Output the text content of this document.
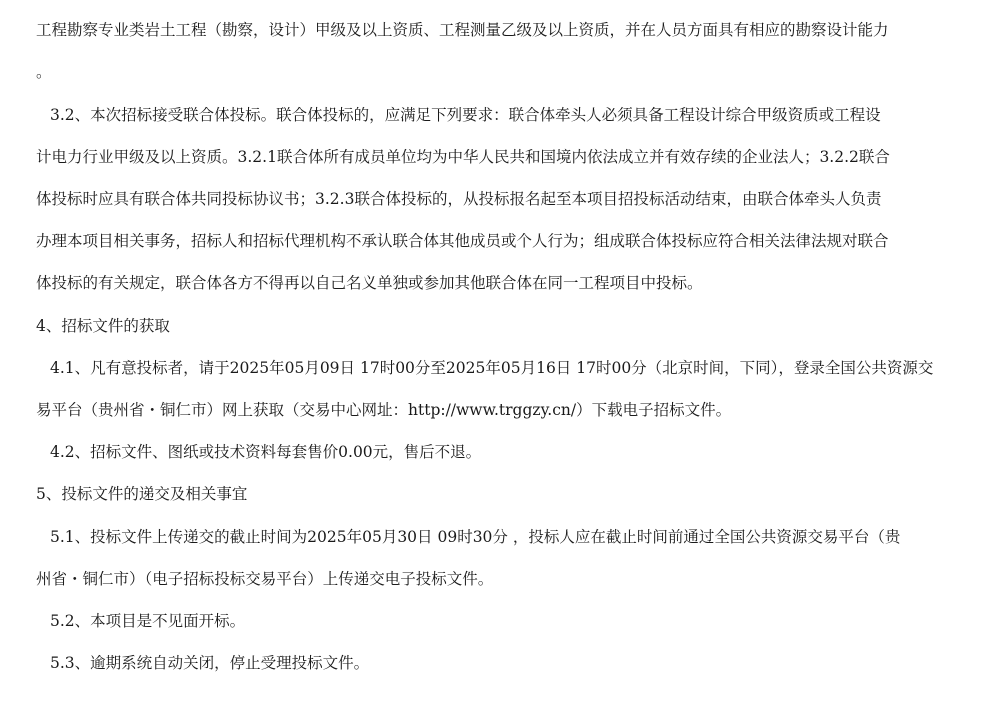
工程勘察专业类岩土工程（勘察，设计）甲级及以上资质、工程测量乙级及以上资质，并在人员方面具有相应的勘察设计能力
。
3.2、本次招标接受联合体投标。联合体投标的，应满足下列要求：联合体牵头人必须具备工程设计综合甲级资质或工程设
计电力行业甲级及以上资质。3.2.1联合体所有成员单位均为中华人民共和国境内依法成立并有效存续的企业法人；3.2.2联合
体投标时应具有联合体共同投标协议书；3.2.3联合体投标的，从投标报名起至本项目招投标活动结束，由联合体牵头人负责
办理本项目相关事务，招标人和招标代理机构不承认联合体其他成员或个人行为；组成联合体投标应符合相关法律法规对联合
体投标的有关规定，联合体各方不得再以自己名义单独或参加其他联合体在同一工程项目中投标。
4、招标文件的获取
4.1、凡有意投标者，请于2025年05月09日 17时00分至2025年05月16日 17时00分（北京时间，下同），登录全国公共资源交
易平台（贵州省・铜仁市）网上获取（交易中心网址：http://www.trggzy.cn/）下载电子招标文件。
4.2、招标文件、图纸或技术资料每套售价0.00元，售后不退。
5、投标文件的递交及相关事宜
5.1、投标文件上传递交的截止时间为2025年05月30日 09时30分 ，投标人应在截止时间前通过全国公共资源交易平台（贵
州省・铜仁市）（电子招标投标交易平台）上传递交电子投标文件。
5.2、本项目是不见面开标。
5.3、逾期系统自动关闭，停止受理投标文件。
